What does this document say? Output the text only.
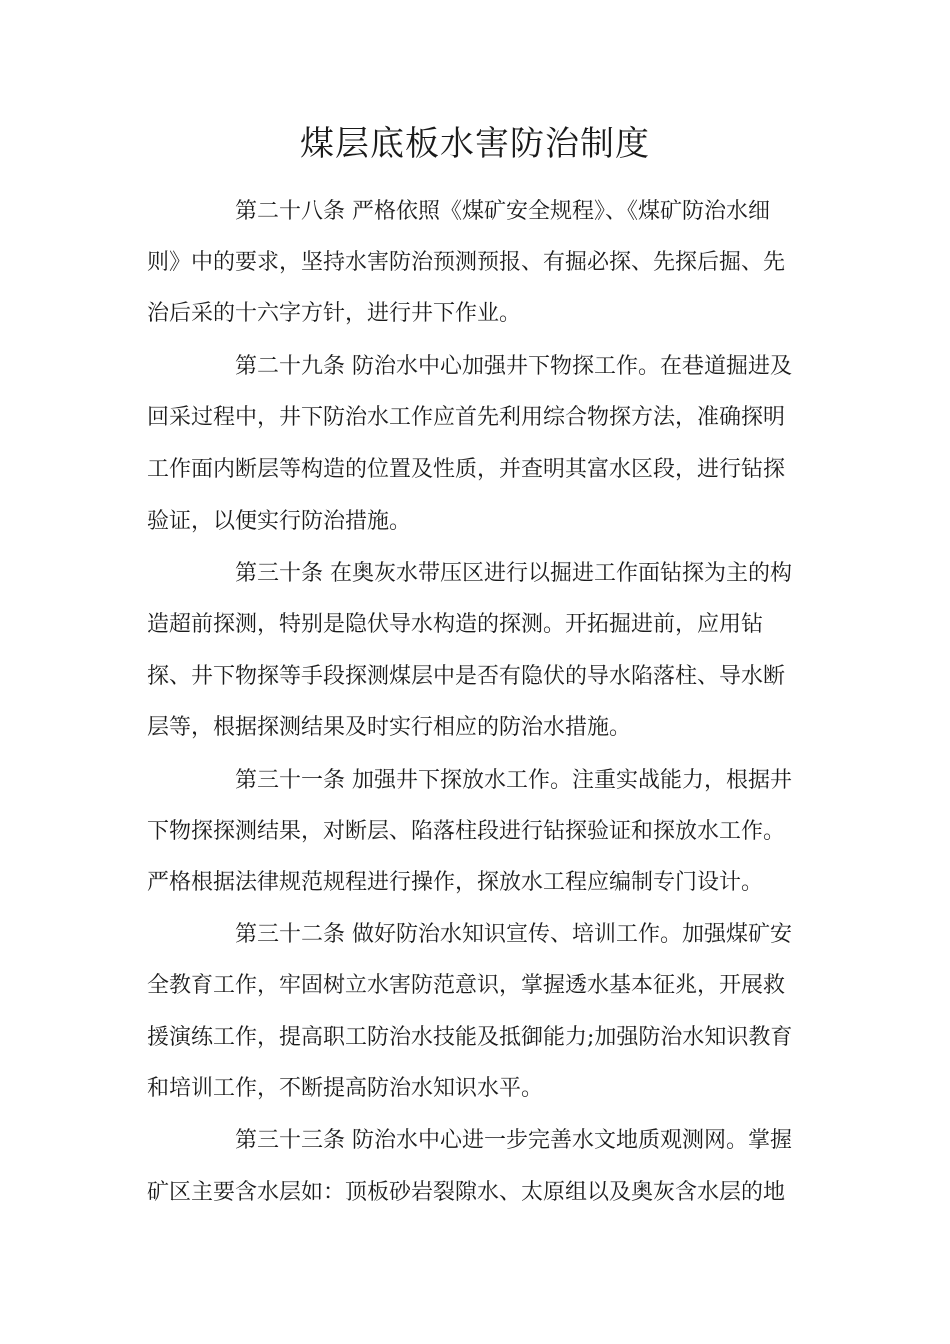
煤层底板水害防治制度

第二十八条 严格依照《煤矿安全规程》、《煤矿防治水细

则》中的要求，坚持水害防治预测预报、有掘必探、先探后掘、先

治后采的十六字方针，进行井下作业。

第二十九条 防治水中心加强井下物探工作。在巷道掘进及

回采过程中，井下防治水工作应首先利用综合物探方法，准确探明

工作面内断层等构造的位置及性质，并查明其富水区段，进行钻探

验证，以便实行防治措施。

第三十条 在奥灰水带压区进行以掘进工作面钻探为主的构

造超前探测，特别是隐伏导水构造的探测。开拓掘进前，应用钻

探、井下物探等手段探测煤层中是否有隐伏的导水陷落柱、导水断

层等，根据探测结果及时实行相应的防治水措施。

第三十一条 加强井下探放水工作。注重实战能力，根据井

下物探探测结果，对断层、陷落柱段进行钻探验证和探放水工作。

严格根据法律规范规程进行操作，探放水工程应编制专门设计。

第三十二条 做好防治水知识宣传、培训工作。加强煤矿安

全教育工作，牢固树立水害防范意识，掌握透水基本征兆，开展救

援演练工作，提高职工防治水技能及抵御能力;加强防治水知识教育

和培训工作，不断提高防治水知识水平。

第三十三条 防治水中心进一步完善水文地质观测网。掌握

矿区主要含水层如：顶板砂岩裂隙水、太原组以及奥灰含水层的地
